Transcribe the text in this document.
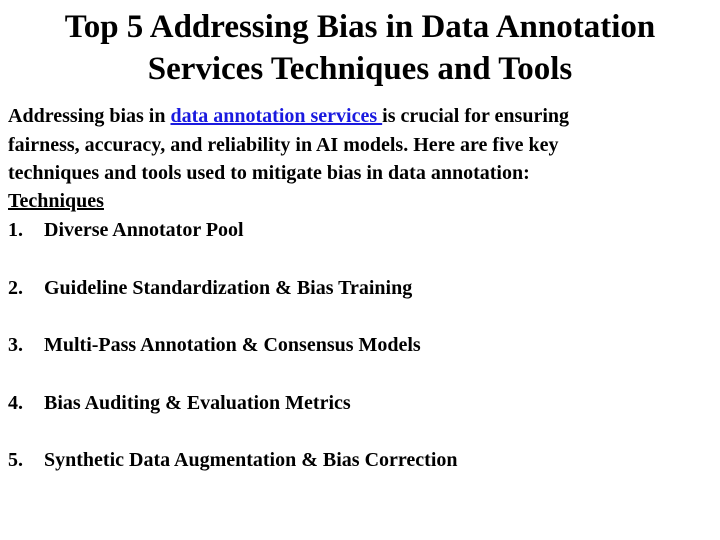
Top 5 Addressing Bias in Data Annotation
Services Techniques and Tools

Addressing bias in data annotation services is crucial for ensuring
fairness, accuracy, and reliability in AI models. Here are five key
techniques and tools used to mitigate bias in data annotation:

Techniques
1. Diverse Annotator Pool
2. Guideline Standardization & Bias Training
3. Multi-Pass Annotation & Consensus Models
4. Bias Auditing & Evaluation Metrics
5. Synthetic Data Augmentation & Bias Correction
